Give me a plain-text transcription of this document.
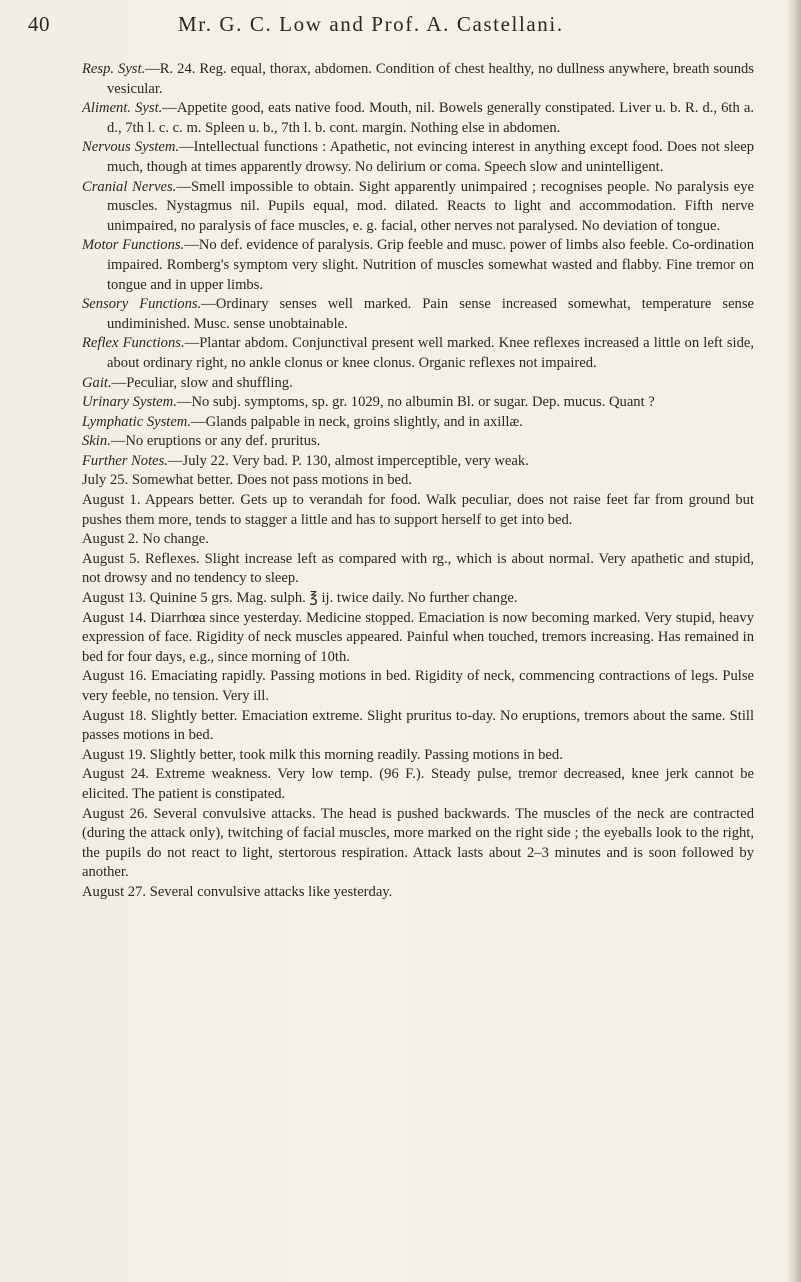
40	Mr. G. C. Low and Prof. A. Castellani.

Resp. Syst.—R. 24. Reg. equal, thorax, abdomen. Condition of chest healthy, no dullness anywhere, breath sounds vesicular.

Aliment. Syst.—Appetite good, eats native food. Mouth, nil. Bowels generally constipated. Liver u. b. R. d., 6th a. d., 7th l. c. c. m. Spleen u. b., 7th l. b. cont. margin. Nothing else in abdomen.

Nervous System.—Intellectual functions : Apathetic, not evincing interest in anything except food. Does not sleep much, though at times apparently drowsy. No delirium or coma. Speech slow and unintelligent.

Cranial Nerves.—Smell impossible to obtain. Sight apparently unimpaired ; recognises people. No paralysis eye muscles. Nystagmus nil. Pupils equal, mod. dilated. Reacts to light and accommodation. Fifth nerve unimpaired, no paralysis of face muscles, e. g. facial, other nerves not paralysed. No deviation of tongue.

Motor Functions.—No def. evidence of paralysis. Grip feeble and musc. power of limbs also feeble. Co-ordination impaired. Romberg's symptom very slight. Nutrition of muscles somewhat wasted and flabby. Fine tremor on tongue and in upper limbs.

Sensory Functions.—Ordinary senses well marked. Pain sense increased somewhat, temperature sense undiminished. Musc. sense unobtainable.

Reflex Functions.—Plantar abdom. Conjunctival present well marked. Knee reflexes increased a little on left side, about ordinary right, no ankle clonus or knee clonus. Organic reflexes not impaired.

Gait.—Peculiar, slow and shuffling.

Urinary System.—No subj. symptoms, sp. gr. 1029, no albumin Bl. or sugar. Dep. mucus. Quant ?

Lymphatic System.—Glands palpable in neck, groins slightly, and in axillæ.

Skin.—No eruptions or any def. pruritus.

Further Notes.—July 22. Very bad. P. 130, almost imperceptible, very weak.

July 25. Somewhat better. Does not pass motions in bed.

August 1. Appears better. Gets up to verandah for food. Walk peculiar, does not raise feet far from ground but pushes them more, tends to stagger a little and has to support herself to get into bed.

August 2. No change.

August 5. Reflexes. Slight increase left as compared with rg., which is about normal. Very apathetic and stupid, not drowsy and no tendency to sleep.

August 13. Quinine 5 grs. Mag. sulph. ℥ ij. twice daily. No further change.

August 14. Diarrhœa since yesterday. Medicine stopped. Emaciation is now becoming marked. Very stupid, heavy expression of face. Rigidity of neck muscles appeared. Painful when touched, tremors increasing. Has remained in bed for four days, e.g., since morning of 10th.

August 16. Emaciating rapidly. Passing motions in bed. Rigidity of neck, commencing contractions of legs. Pulse very feeble, no tension. Very ill.

August 18. Slightly better. Emaciation extreme. Slight pruritus to-day. No eruptions, tremors about the same. Still passes motions in bed.

August 19. Slightly better, took milk this morning readily. Passing motions in bed.

August 24. Extreme weakness. Very low temp. (96 F.). Steady pulse, tremor decreased, knee jerk cannot be elicited. The patient is constipated.

August 26. Several convulsive attacks. The head is pushed backwards. The muscles of the neck are contracted (during the attack only), twitching of facial muscles, more marked on the right side ; the eyeballs look to the right, the pupils do not react to light, stertorous respiration. Attack lasts about 2–3 minutes and is soon followed by another.

August 27. Several convulsive attacks like yesterday.
